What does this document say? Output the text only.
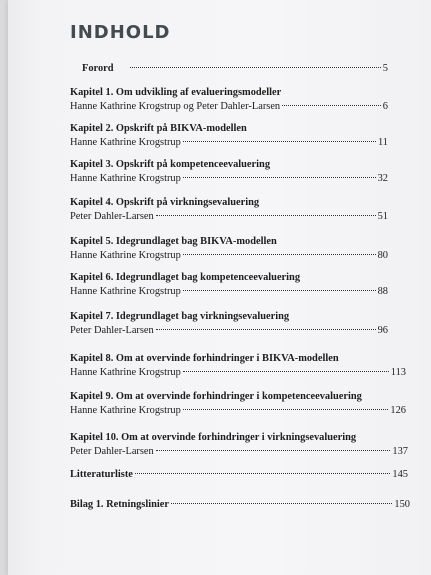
INDHOLD
Forord	5
Kapitel 1. Om udvikling af evalueringsmodeller
Hanne Kathrine Krogstrup og Peter Dahler-Larsen	6
Kapitel 2. Opskrift på BIKVA-modellen
Hanne Kathrine Krogstrup	11
Kapitel 3. Opskrift på kompetenceevaluering
Hanne Kathrine Krogstrup	32
Kapitel 4. Opskrift på virkningsevaluering
Peter Dahler-Larsen	51
Kapitel 5. Idegrundlaget bag BIKVA-modellen
Hanne Kathrine Krogstrup	80
Kapitel 6. Idegrundlaget bag kompetenceevaluering
Hanne Kathrine Krogstrup	88
Kapitel 7. Idegrundlaget bag virkningsevaluering
Peter Dahler-Larsen	96
Kapitel 8. Om at overvinde forhindringer i BIKVA-modellen
Hanne Kathrine Krogstrup	113
Kapitel 9. Om at overvinde forhindringer i kompetenceevaluering
Hanne Kathrine Krogstrup	126
Kapitel 10. Om at overvinde forhindringer i virkningsevaluering
Peter Dahler-Larsen	137
Litteraturliste	145
Bilag 1. Retningslinier	150
